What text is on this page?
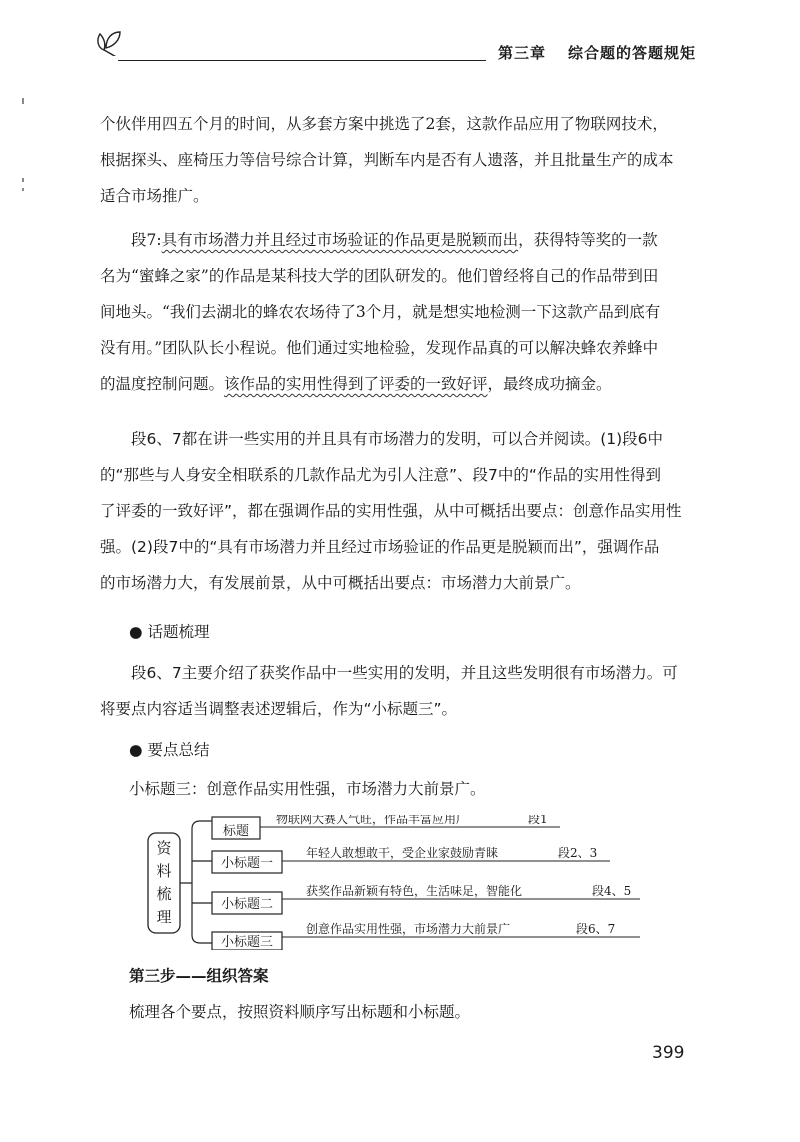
第三章 综合题的答题规矩
个伙伴用四五个月的时间，从多套方案中挑选了2套，这款作品应用了物联网技术，
根据探头、座椅压力等信号综合计算，判断车内是否有人遗落，并且批量生产的成本
适合市场推广。
段7:具有市场潜力并且经过市场验证的作品更是脱颖而出，获得特等奖的一款
名为“蜜蜂之家”的作品是某科技大学的团队研发的。他们曾经将自己的作品带到田
间地头。“我们去湖北的蜂农农场待了3个月，就是想实地检测一下这款产品到底有
没有用。”团队队长小程说。他们通过实地检验，发现作品真的可以解决蜂农养蜂中
的温度控制问题。该作品的实用性得到了评委的一致好评，最终成功摘金。
段6、7都在讲一些实用的并且具有市场潜力的发明，可以合并阅读。(1)段6中
的“那些与人身安全相联系的几款作品尤为引人注意”、段7中的“作品的实用性得到
了评委的一致好评”，都在强调作品的实用性强，从中可概括出要点：创意作品实用性
强。(2)段7中的“具有市场潜力并且经过市场验证的作品更是脱颖而出”，强调作品
的市场潜力大，有发展前景，从中可概括出要点：市场潜力大前景广。
● 话题梳理
段6、7主要介绍了获奖作品中一些实用的发明，并且这些发明很有市场潜力。可
将要点内容适当调整表述逻辑后，作为“小标题三”。
● 要点总结
小标题三：创意作品实用性强，市场潜力大前景广。
资
料
梳
理
标题
物联网大赛人气旺，作品丰富应用广	段1
小标题一
年轻人敢想敢干，受企业家鼓励青睐	段2、3
小标题二
获奖作品新颖有特色，生活味足，智能化	段4、5
小标题三
创意作品实用性强，市场潜力大前景广	段6、7
第三步——组织答案
梳理各个要点，按照资料顺序写出标题和小标题。
399
